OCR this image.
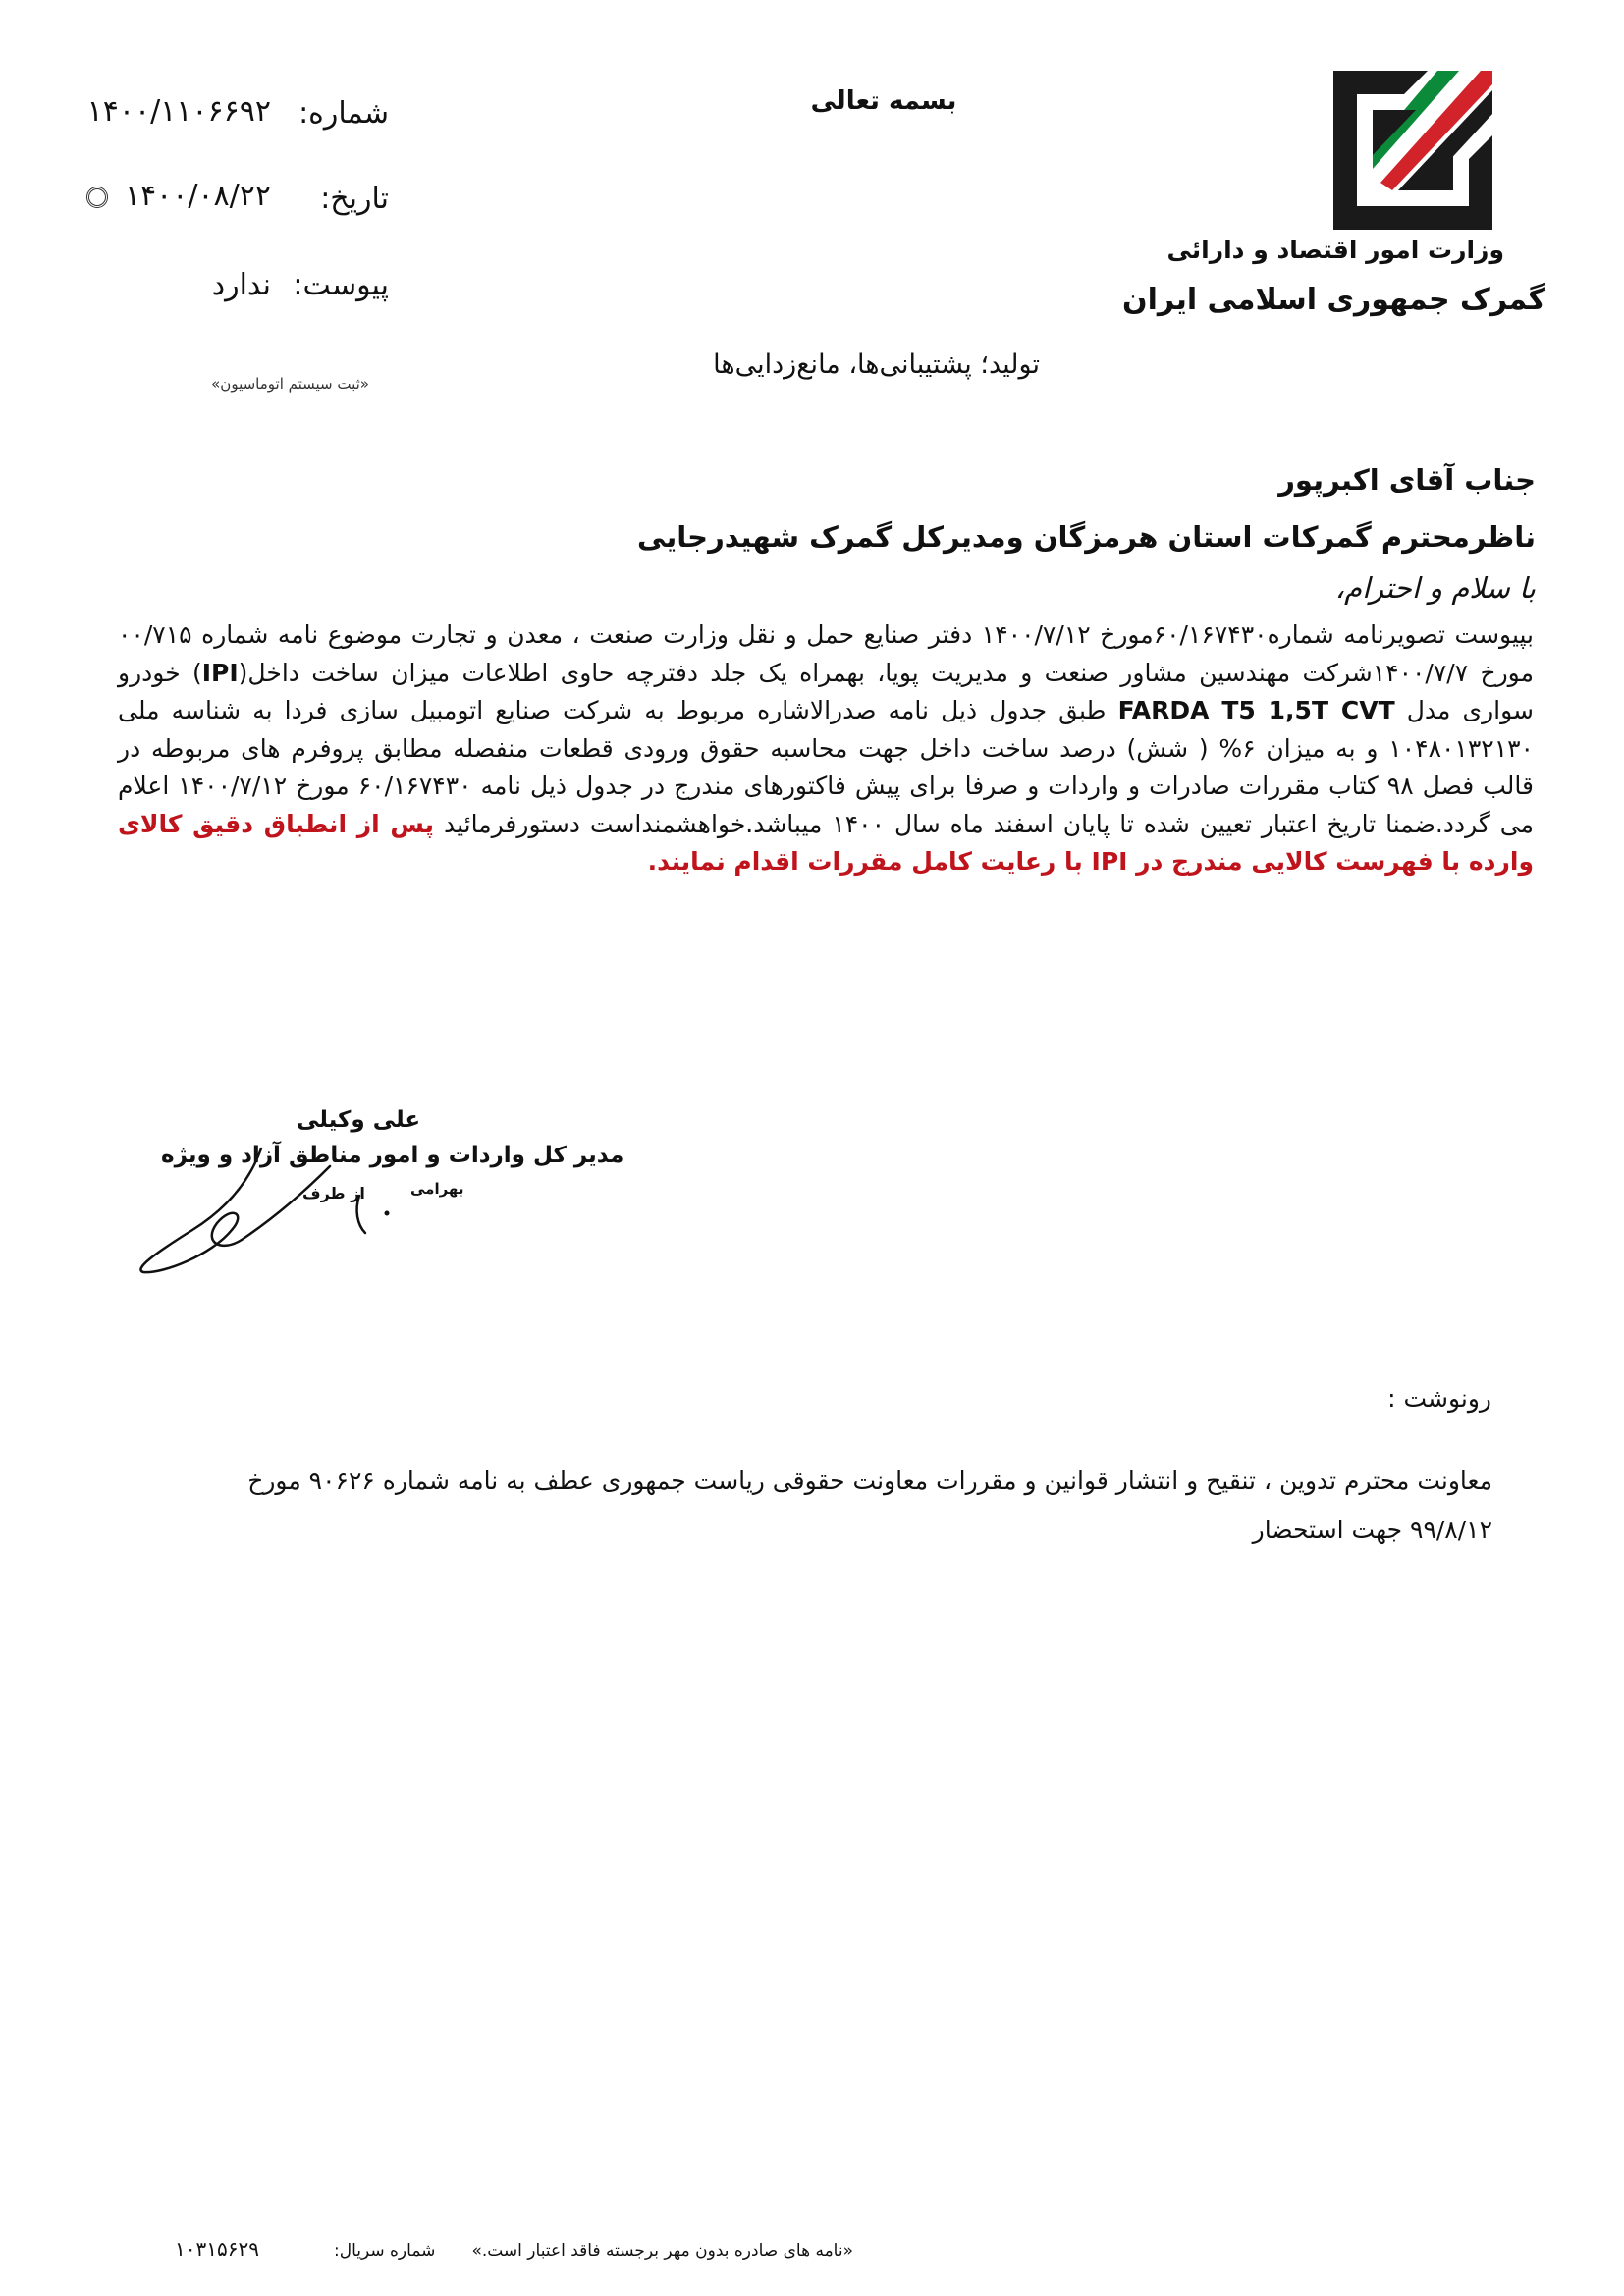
وزارت امور اقتصاد و دارائی
گمرک جمهوری اسلامی ایران
بسمه تعالی
شماره:
۱۴۰۰/۱۱۰۶۶۹۲
تاریخ:
۱۴۰۰/۰۸/۲۲
پیوست:
ندارد
«ثبت سیستم اتوماسیون»
تولید؛ پشتیبانی‌ها، مانع‌زدایی‌ها
جناب آقای اکبرپور
ناظرمحترم گمرکات استان هرمزگان ومدیرکل گمرک شهیدرجایی
با سلام و احترام،
بپیوست تصویرنامه شماره۶۰/۱۶۷۴۳۰مورخ ۱۴۰۰/۷/۱۲ دفتر صنایع حمل و نقل وزارت صنعت ، معدن و تجارت موضوع نامه شماره ۰۰/۷۱۵ مورخ ۱۴۰۰/۷/۷شرکت مهندسین مشاور صنعت و مدیریت پویا، بهمراه یک جلد دفترچه حاوی اطلاعات میزان ساخت داخل(IPI) خودرو سواری مدل FARDA T5 1,5T CVT طبق جدول ذیل نامه صدرالاشاره مربوط به شرکت صنایع اتومبیل سازی فردا به شناسه ملی ۱۰۴۸۰۱۳۲۱۳۰ و به میزان ۶% ( شش) درصد ساخت داخل جهت محاسبه حقوق ورودی قطعات منفصله مطابق پروفرم های مربوطه در قالب فصل ۹۸ کتاب مقررات صادرات و واردات و صرفا برای پیش فاکتورهای مندرج در جدول ذیل نامه ۶۰/۱۶۷۴۳۰ مورخ ۱۴۰۰/۷/۱۲ اعلام می گردد.ضمنا تاریخ اعتبار تعیین شده تا پایان اسفند ماه سال ۱۴۰۰ میباشد.خواهشمنداست دستورفرمائید پس از انطباق دقیق کالای وارده با فهرست کالایی مندرج در IPI با رعایت کامل مقررات اقدام نمایند.
علی وکیلی
مدیر کل واردات و امور مناطق آزاد و ویژه
از طرف	بهرامی
رونوشت :
معاونت محترم تدوین ، تنقیح و انتشار قوانین و مقررات معاونت حقوقی ریاست جمهوری عطف به نامه شماره ۹۰۶۲۶ مورخ ۹۹/۸/۱۲ جهت استحضار
«نامه های صادره بدون مهر برجسته فاقد اعتبار است.»
شماره سریال:
۱۰۳۱۵۶۲۹
